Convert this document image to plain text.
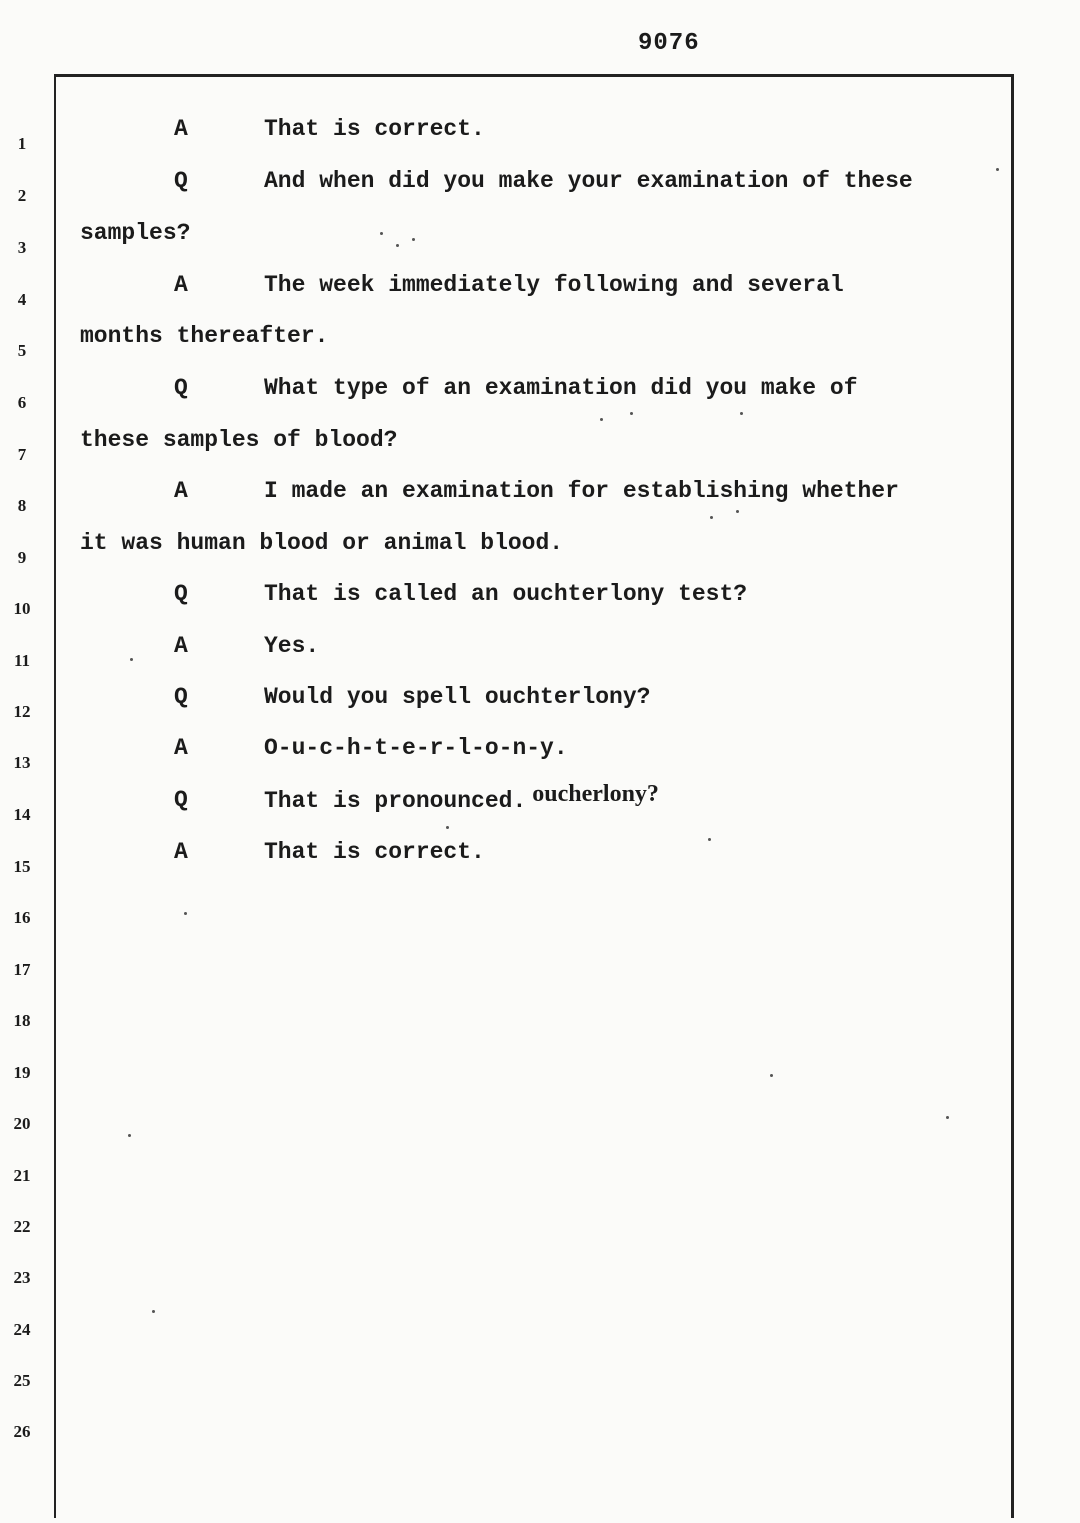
9076
1
2
3
4
5
6
7
8
9
10
11
12
13
14
15
16
17
18
19
20
21
22
23
24
25
26
A	That is correct.
Q	And when did you make your examination of these
samples?
A	The week immediately following and several
months thereafter.
Q	What type of an examination did you make of
these samples of blood?
A	I made an examination for establishing whether
it was human blood or animal blood.
Q	That is called an ouchterlony test?
A	Yes.
Q	Would you spell ouchterlony?
A	O-u-c-h-t-e-r-l-o-n-y.
Q	That is pronounced. oucherlony?
A	That is correct.
